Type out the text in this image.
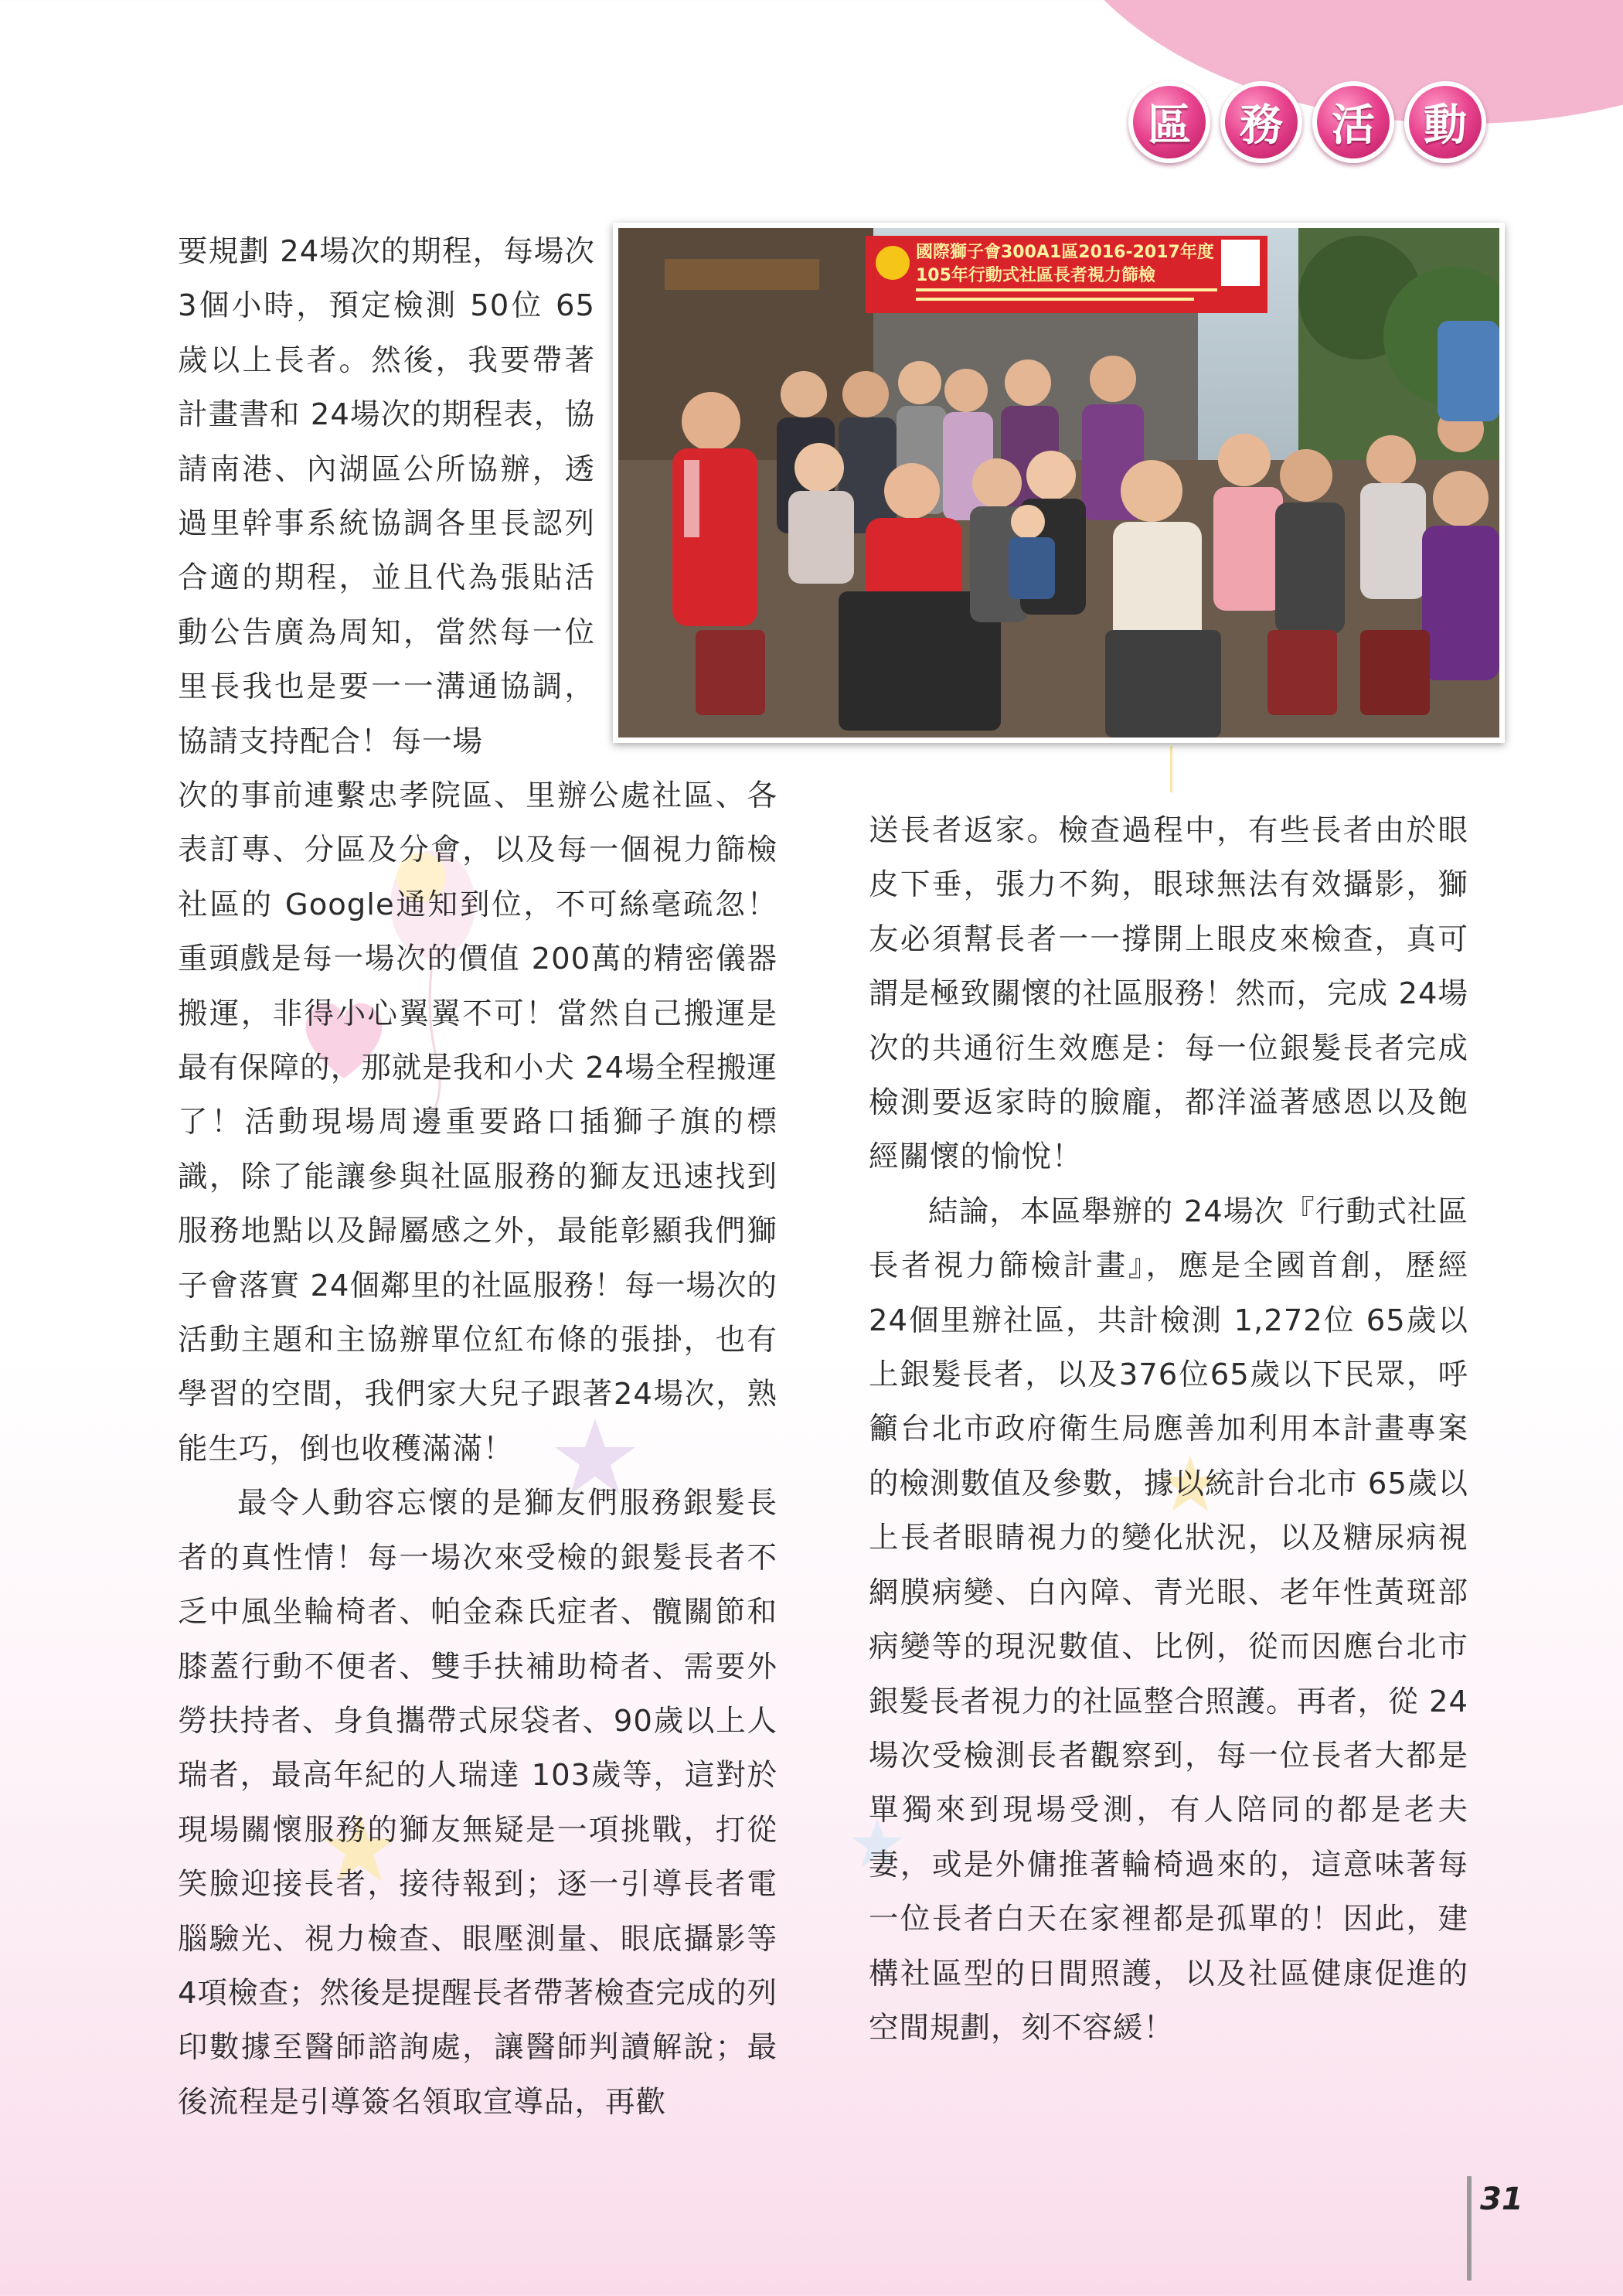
區	務	活	動
國際獅子會300A1區2016-2017年度
105年行動式社區長者視力篩檢

要規劃 24場次的期程，每場次 3個小時，預定檢測 50位 65歲以上長者。然後，我要帶著計畫書和 24場次的期程表，協請南港、內湖區公所協辦，透過里幹事系統協調各里長認列合適的期程，並且代為張貼活動公告廣為周知，當然每一位里長我也是要一一溝通協調，協請支持配合！每一場

次的事前連繫忠孝院區、里辦公處社區、各表訂專、分區及分會，以及每一個視力篩檢社區的 Google通知到位，不可絲毫疏忽！重頭戲是每一場次的價值 200萬的精密儀器搬運，非得小心翼翼不可！當然自己搬運是最有保障的，那就是我和小犬 24場全程搬運了！活動現場周邊重要路口插獅子旗的標識，除了能讓參與社區服務的獅友迅速找到服務地點以及歸屬感之外，最能彰顯我們獅子會落實 24個鄰里的社區服務！每一場次的活動主題和主協辦單位紅布條的張掛，也有學習的空間，我們家大兒子跟著24場次，熟能生巧，倒也收穫滿滿！

最令人動容忘懷的是獅友們服務銀髮長者的真性情！每一場次來受檢的銀髮長者不乏中風坐輪椅者、帕金森氏症者、髖關節和膝蓋行動不便者、雙手扶補助椅者、需要外勞扶持者、身負攜帶式尿袋者、90歲以上人瑞者，最高年紀的人瑞達 103歲等，這對於現場關懷服務的獅友無疑是一項挑戰，打從笑臉迎接長者，接待報到；逐一引導長者電腦驗光、視力檢查、眼壓測量、眼底攝影等 4項檢查；然後是提醒長者帶著檢查完成的列印數據至醫師諮詢處，讓醫師判讀解說；最後流程是引導簽名領取宣導品，再歡

送長者返家。檢查過程中，有些長者由於眼皮下垂，張力不夠，眼球無法有效攝影，獅友必須幫長者一一撐開上眼皮來檢查，真可謂是極致關懷的社區服務！然而，完成 24場次的共通衍生效應是：每一位銀髮長者完成檢測要返家時的臉龐，都洋溢著感恩以及飽經關懷的愉悅！

結論，本區舉辦的 24場次『行動式社區長者視力篩檢計畫』，應是全國首創，歷經 24個里辦社區，共計檢測 1,272位 65歲以上銀髮長者，以及376位65歲以下民眾，呼籲台北市政府衛生局應善加利用本計畫專案的檢測數值及參數，據以統計台北市 65歲以上長者眼睛視力的變化狀況，以及糖尿病視網膜病變、白內障、青光眼、老年性黃斑部病變等的現況數值、比例，從而因應台北市銀髮長者視力的社區整合照護。再者，從 24場次受檢測長者觀察到，每一位長者大都是單獨來到現場受測，有人陪同的都是老夫妻，或是外傭推著輪椅過來的，這意味著每一位長者白天在家裡都是孤單的！因此，建構社區型的日間照護，以及社區健康促進的空間規劃，刻不容緩！

31
